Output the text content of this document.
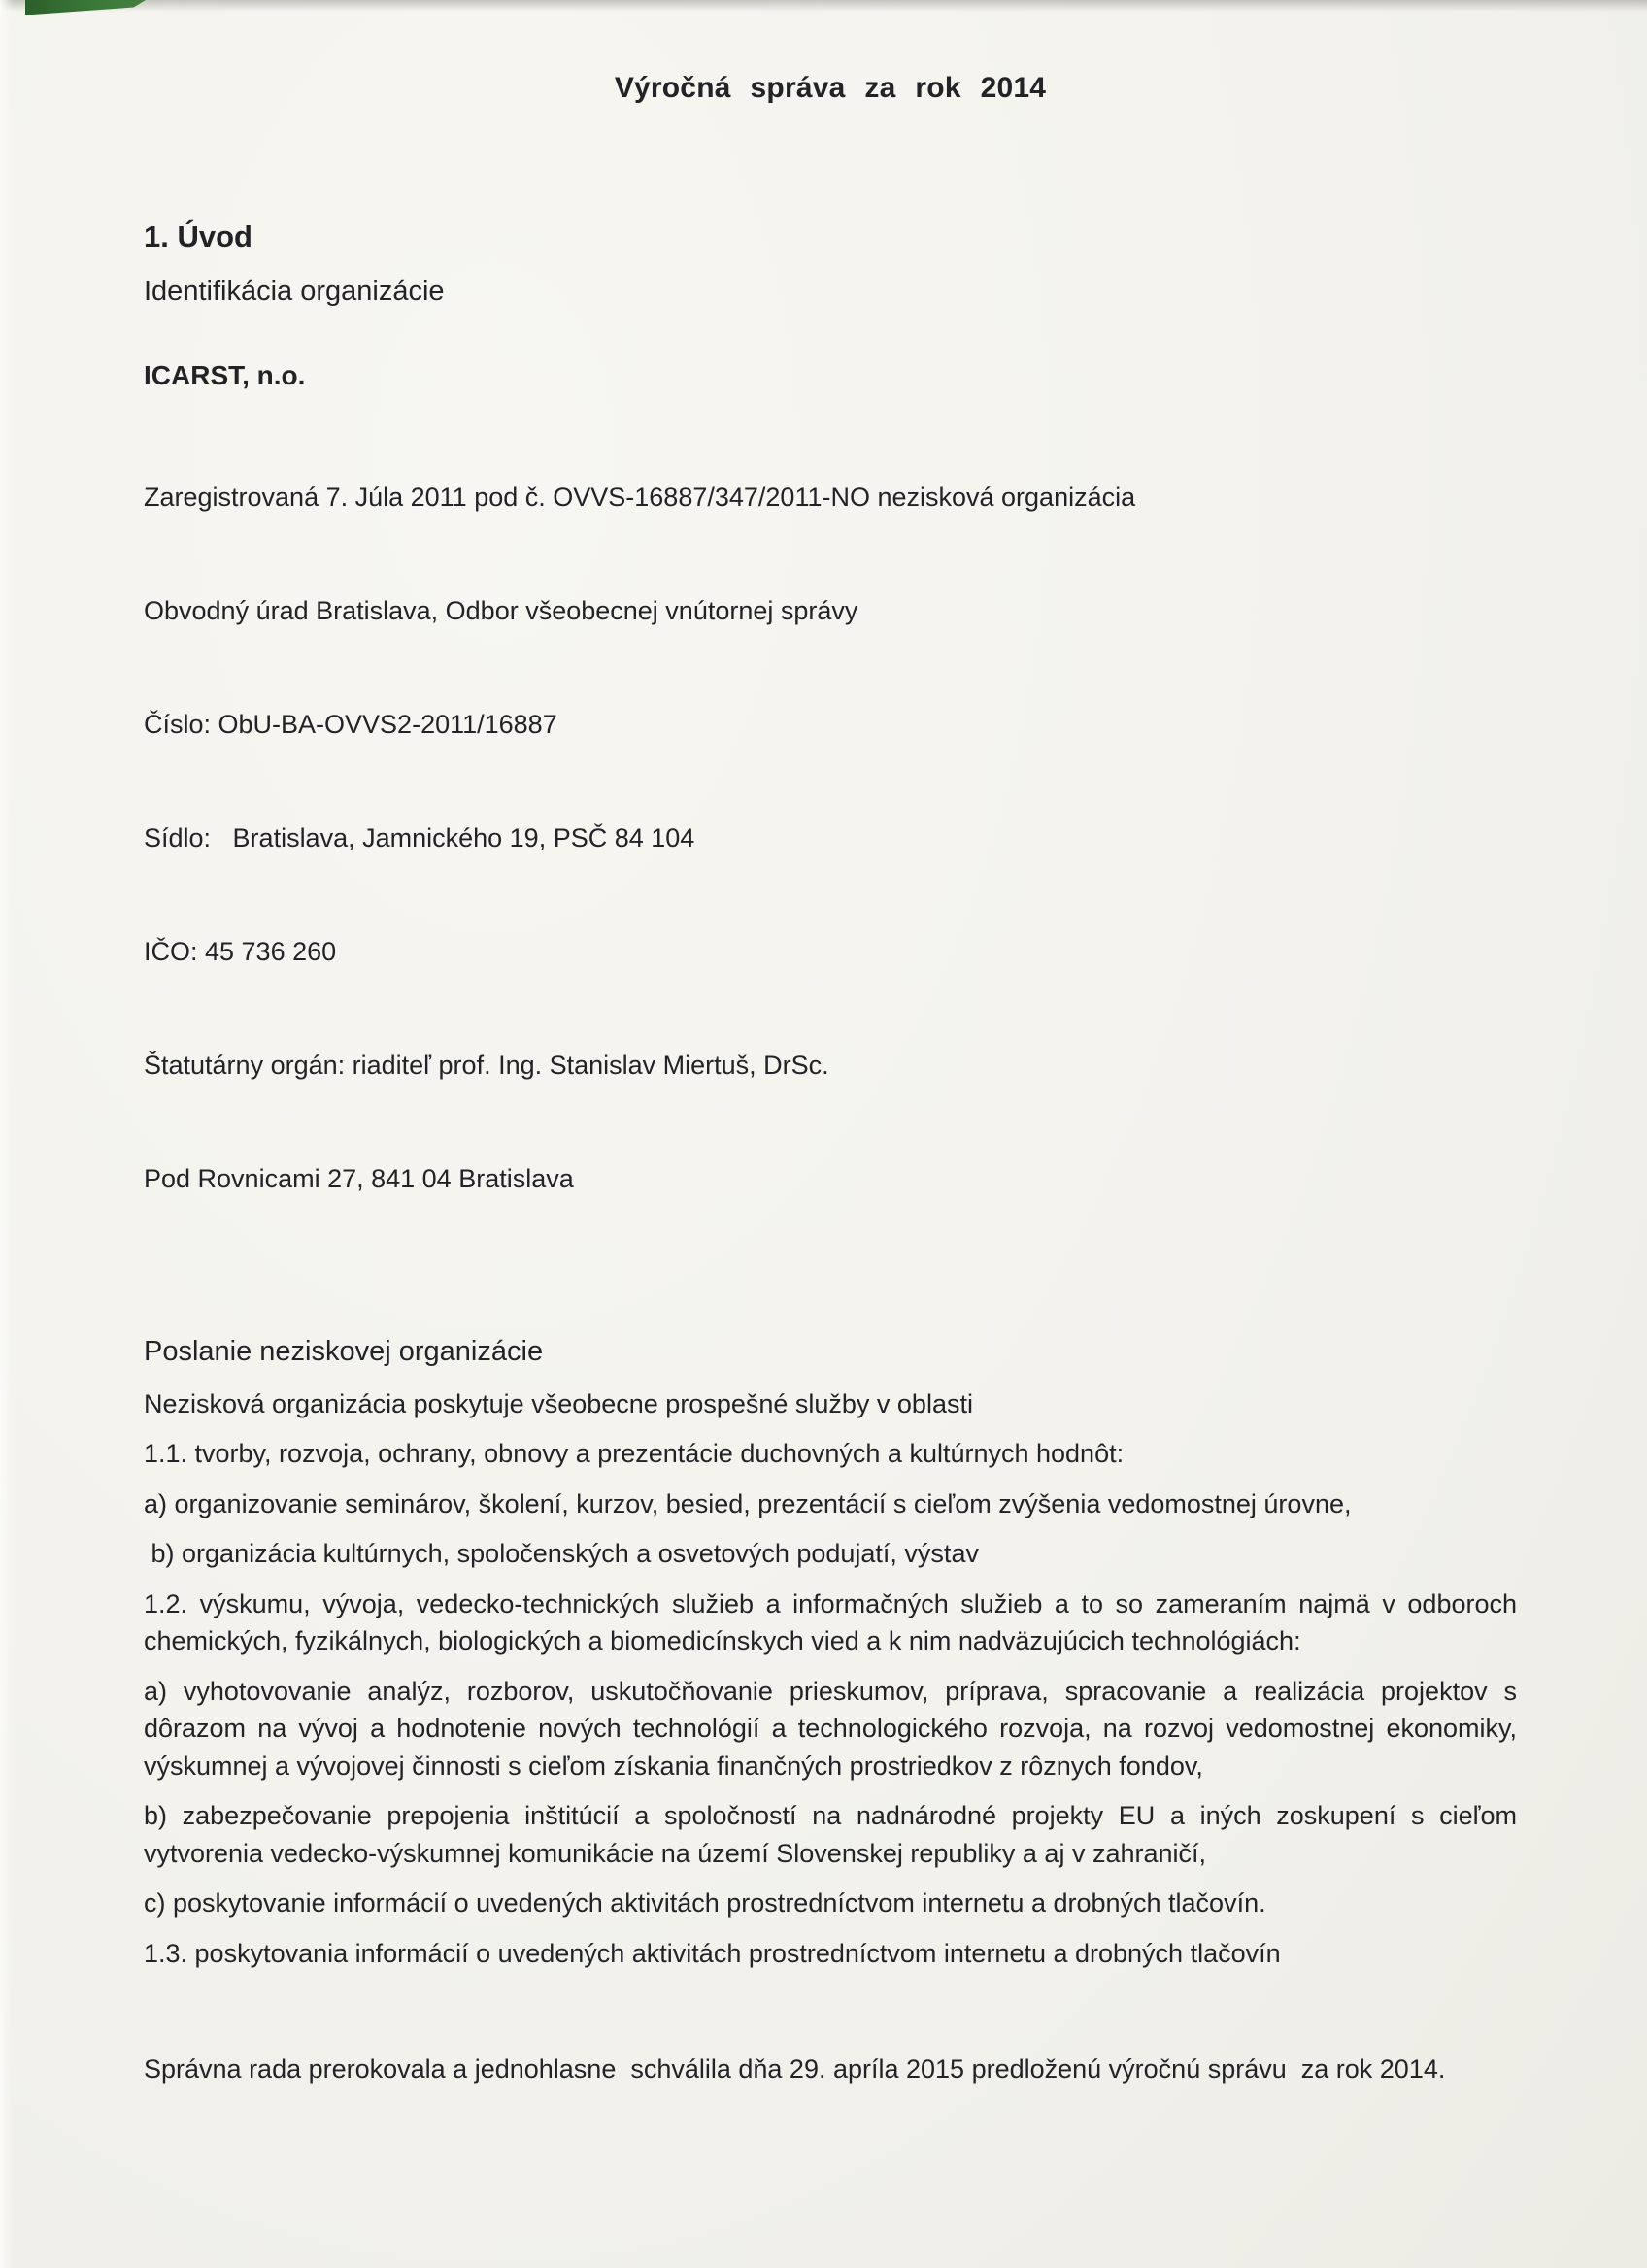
Výročná správa za rok 2014
1. Úvod
Identifikácia organizácie
ICARST, n.o.

Zaregistrovaná 7. Júla 2011 pod č. OVVS-16887/347/2011-NO nezisková organizácia

Obvodný úrad Bratislava, Odbor všeobecnej vnútornej správy

Číslo: ObU-BA-OVVS2-2011/16887

Sídlo:   Bratislava, Jamnického 19, PSČ 84 104

IČO: 45 736 260

Štatutárny orgán: riaditeľ prof. Ing. Stanislav Miertuš, DrSc.

Pod Rovnicami 27, 841 04 Bratislava

Poslanie neziskovej organizácie
Nezisková organizácia poskytuje všeobecne prospešné služby v oblasti
1.1. tvorby, rozvoja, ochrany, obnovy a prezentácie duchovných a kultúrnych hodnôt:
a) organizovanie seminárov, školení, kurzov, besied, prezentácií s cieľom zvýšenia vedomostnej úrovne,
b) organizácia kultúrnych, spoločenských a osvetových podujatí, výstav
1.2. výskumu, vývoja, vedecko-technických služieb a informačných služieb a to so zameraním najmä v odboroch chemických, fyzikálnych, biologických a biomedicínskych vied a k nim nadväzujúcich technológiách:
a) vyhotovovanie analýz, rozborov, uskutočňovanie prieskumov, príprava, spracovanie a realizácia projektov s dôrazom na vývoj a hodnotenie nových technológií a technologického rozvoja, na rozvoj vedomostnej ekonomiky, výskumnej a vývojovej činnosti s cieľom získania finančných prostriedkov z rôznych fondov,
b) zabezpečovanie prepojenia inštitúcií a spoločností na nadnárodné projekty EU a iných zoskupení s cieľom vytvorenia vedecko-výskumnej komunikácie na území Slovenskej republiky a aj v zahraničí,
c) poskytovanie informácií o uvedených aktivitách prostredníctvom internetu a drobných tlačovín.
1.3. poskytovania informácií o uvedených aktivitách prostredníctvom internetu a drobných tlačovín
Správna rada prerokovala a jednohlasne  schválila dňa 29. apríla 2015 predloženú výročnú správu  za rok 2014.
